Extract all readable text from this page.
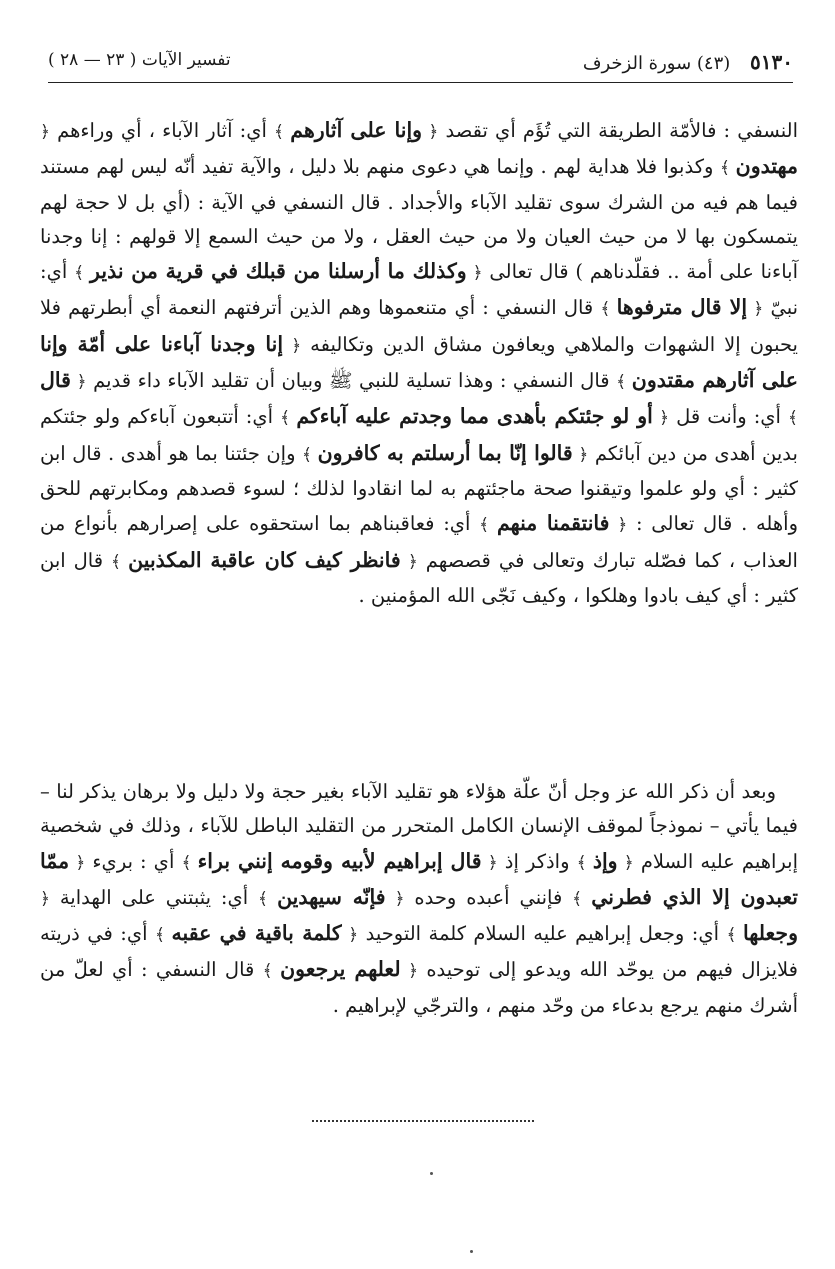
٥١٣٠ (٤٣) سورة الزخرف
تفسير الآيات ( ٢٣ — ٢٨ )
النسفي : فالأمّة الطريقة التي تُؤَم أي تقصد ﴿ وإنا على آثارهم ﴾ أي: آثار الآباء ، أي وراءهم ﴿ مهتدون ﴾ وكذبوا فلا هداية لهم . وإنما هي دعوى منهم بلا دليل ، والآية تفيد أنّه ليس لهم مستند فيما هم فيه من الشرك سوى تقليد الآباء والأجداد . قال النسفي في الآية : (أي بل لا حجة لهم يتمسكون بها لا من حيث العيان ولا من حيث العقل ، ولا من حيث السمع إلا قولهم : إنا وجدنا آباءنا على أمة .. فقلّدناهم ) قال تعالى ﴿ وكذلك ما أرسلنا من قبلك في قرية من نذير ﴾ أي: نبيّ ﴿ إلا قال مترفوها ﴾ قال النسفي : أي متنعموها وهم الذين أترفتهم النعمة أي أبطرتهم فلا يحبون إلا الشهوات والملاهي ويعافون مشاق الدين وتكاليفه ﴿ إنا وجدنا آباءنا على أمّة وإنا على آثارهم مقتدون ﴾ قال النسفي : وهذا تسلية للنبي ﷺ وبيان أن تقليد الآباء داء قديم ﴿ قال ﴾ أي: وأنت قل ﴿ أو لو جئتكم بأهدى مما وجدتم عليه آباءكم ﴾ أي: أتتبعون آباءكم ولو جئتكم بدين أهدى من دين آبائكم ﴿ قالوا إنّا بما أرسلتم به كافرون ﴾ وإن جئتنا بما هو أهدى . قال ابن كثير : أي ولو علموا وتيقنوا صحة ماجئتهم به لما انقادوا لذلك ؛ لسوء قصدهم ومكابرتهم للحق وأهله . قال تعالى : ﴿ فانتقمنا منهم ﴾ أي: فعاقبناهم بما استحقوه على إصرارهم بأنواع من العذاب ، كما فصّله تبارك وتعالى في قصصهم ﴿ فانظر كيف كان عاقبة المكذبين ﴾ قال ابن كثير : أي كيف بادوا وهلكوا ، وكيف نَجّى الله المؤمنين .
وبعد أن ذكر الله عز وجل أنّ علّة هؤلاء هو تقليد الآباء بغير حجة ولا دليل ولا برهان يذكر لنا – فيما يأتي – نموذجاً لموقف الإنسان الكامل المتحرر من التقليد الباطل للآباء ، وذلك في شخصية إبراهيم عليه السلام ﴿ وإذ ﴾ واذكر إذ ﴿ قال إبراهيم لأبيه وقومه إنني براء ﴾ أي : بريء ﴿ ممّا تعبدون إلا الذي فطرني ﴾ فإنني أعبده وحده ﴿ فإنّه سيهدين ﴾ أي: يثبتني على الهداية ﴿ وجعلها ﴾ أي: وجعل إبراهيم عليه السلام كلمة التوحيد ﴿ كلمة باقية في عقبه ﴾ أي: في ذريته فلايزال فيهم من يوحّد الله ويدعو إلى توحيده ﴿ لعلهم يرجعون ﴾ قال النسفي : أي لعلّ من أشرك منهم يرجع بدعاء من وحّد منهم ، والترجّي لإبراهيم .
